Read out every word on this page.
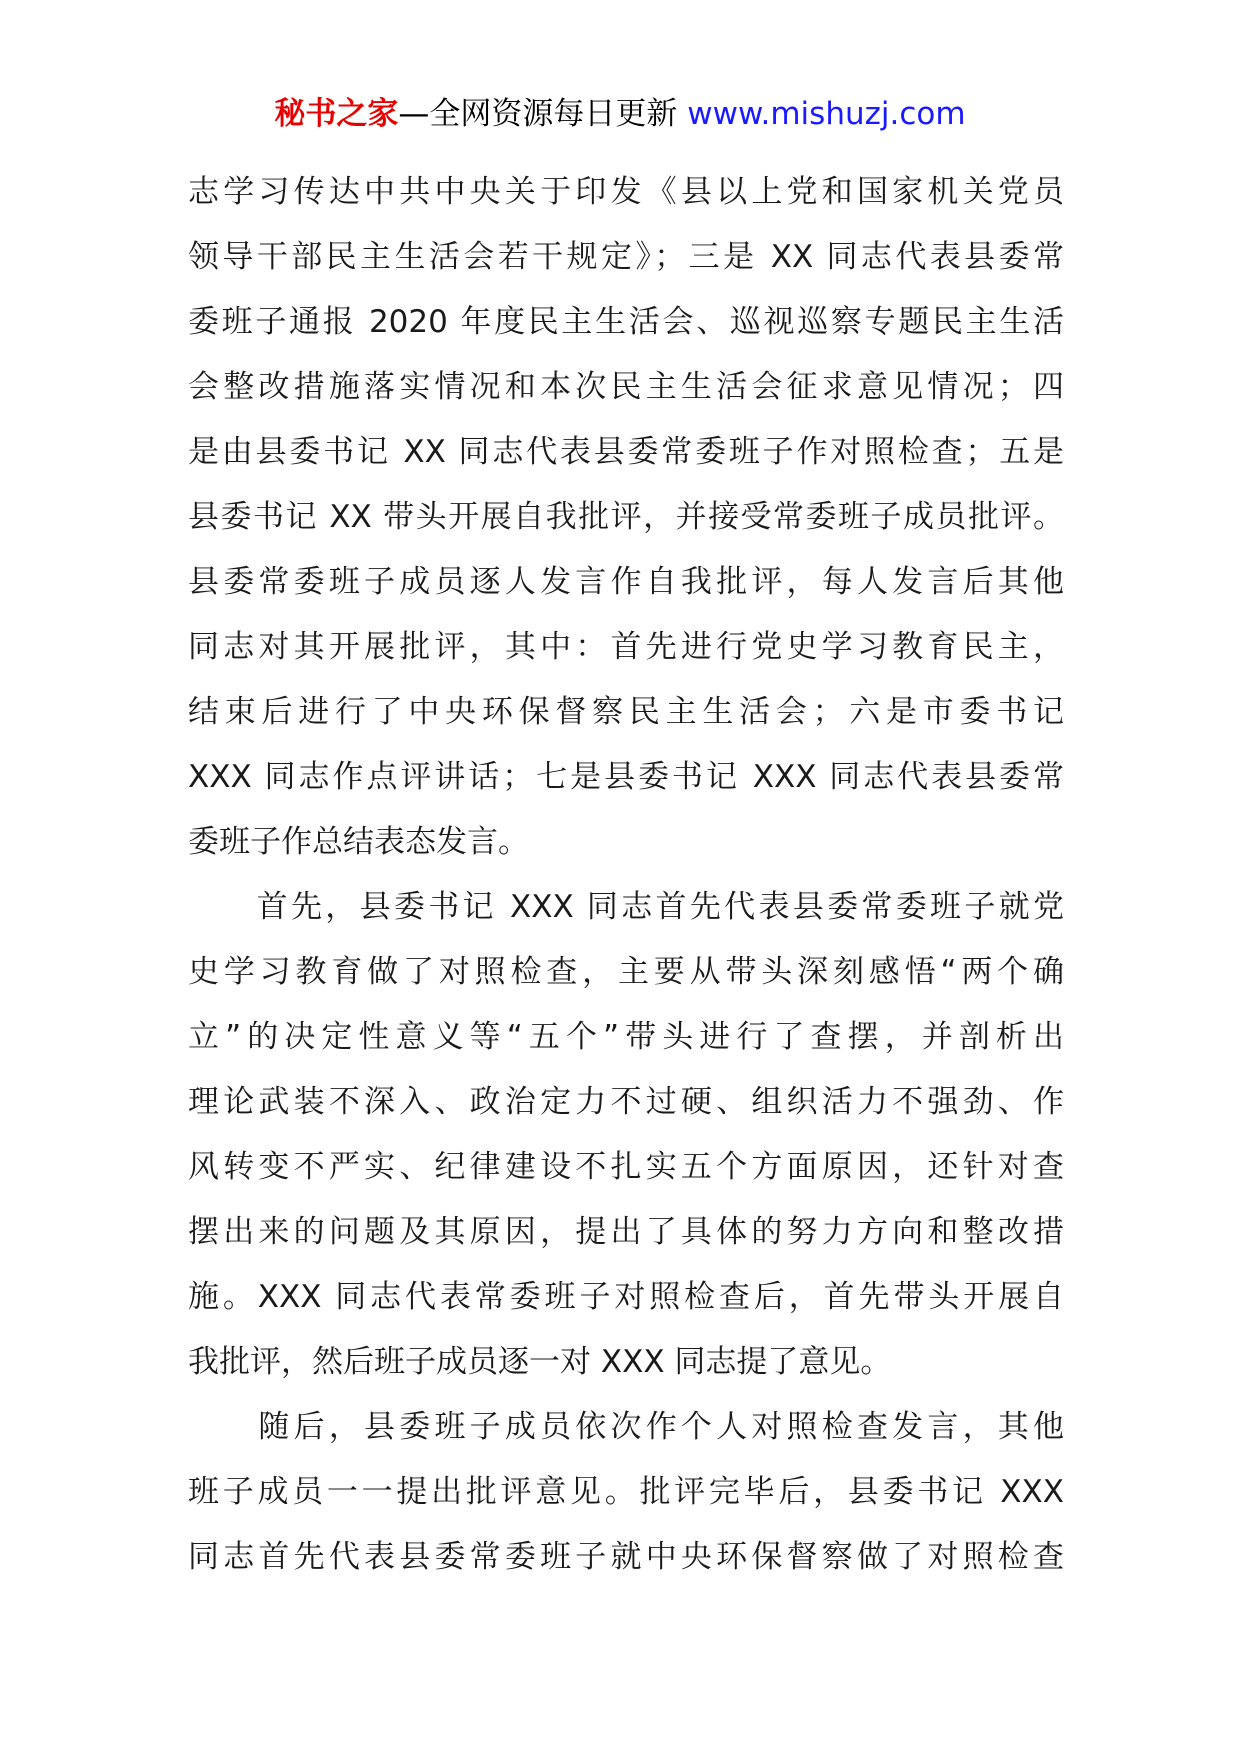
秘书之家—全网资源每日更新 www.mishuzj.com
志学习传达中共中央关于印发《县以上党和国家机关党员
领导干部民主生活会若干规定》；三是 XX 同志代表县委常
委班子通报 2020 年度民主生活会、巡视巡察专题民主生活
会整改措施落实情况和本次民主生活会征求意见情况；四
是由县委书记 XX 同志代表县委常委班子作对照检查；五是
县委书记 XX 带头开展自我批评，并接受常委班子成员批评。
县委常委班子成员逐人发言作自我批评，每人发言后其他
同志对其开展批评，其中：首先进行党史学习教育民主，
结束后进行了中央环保督察民主生活会；六是市委书记
XXX 同志作点评讲话；七是县委书记 XXX 同志代表县委常
委班子作总结表态发言。
　　首先，县委书记 XXX 同志首先代表县委常委班子就党
史学习教育做了对照检查，主要从带头深刻感悟“两个确
立”的决定性意义等“五个”带头进行了查摆，并剖析出
理论武装不深入、政治定力不过硬、组织活力不强劲、作
风转变不严实、纪律建设不扎实五个方面原因，还针对查
摆出来的问题及其原因，提出了具体的努力方向和整改措
施。XXX 同志代表常委班子对照检查后，首先带头开展自
我批评，然后班子成员逐一对 XXX 同志提了意见。
　　随后，县委班子成员依次作个人对照检查发言，其他
班子成员一一提出批评意见。批评完毕后，县委书记 XXX
同志首先代表县委常委班子就中央环保督察做了对照检查
